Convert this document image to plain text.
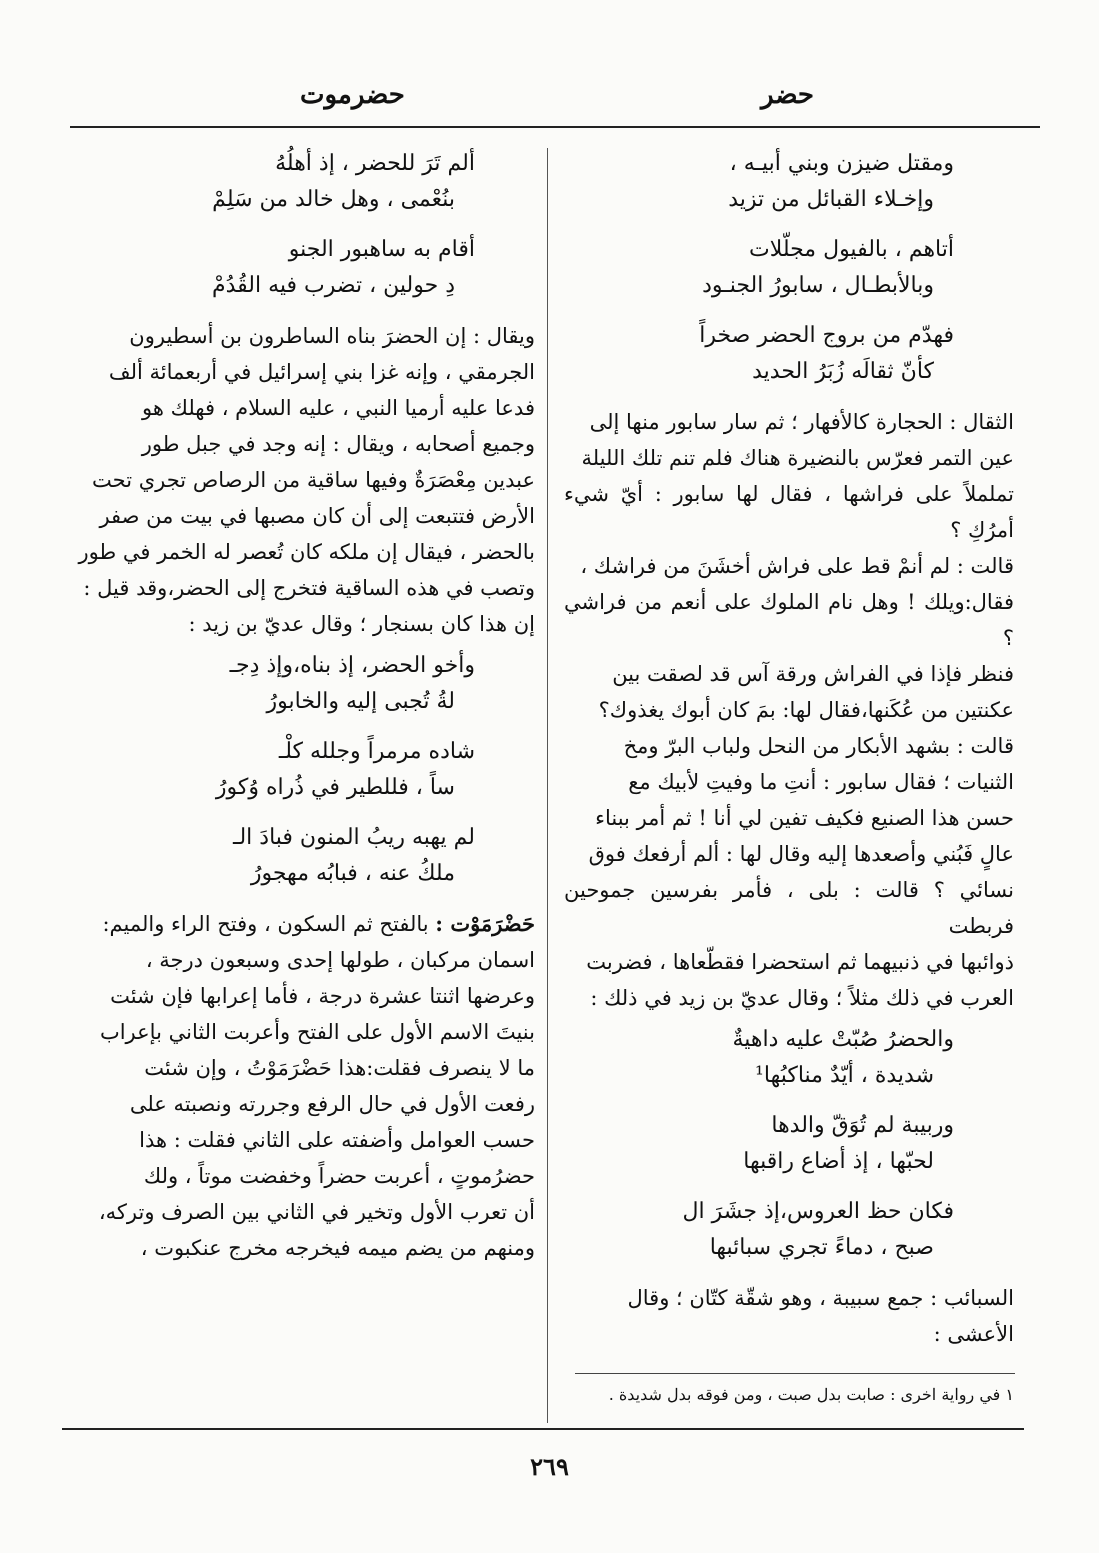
حضر
حضرموت
ومقتل ضيزن وبني أبيـه ،
وإخـلاء القبائل من تزيد
أتاهم ، بالفيول مجلّلات
وبالأبطـال ، سابورُ الجنـود
فهدّم من بروج الحضر صخراً
كأنّ ثقالَه زُبَرُ الحديد

الثقال : الحجارة كالأفهار ؛ ثم سار سابور منها إلى

عين التمر فعرّس بالنضيرة هناك فلم تنم تلك الليلة

تململاً على فراشها ، فقال لها سابور : أيّ شيء أمرُكِ ؟

قالت : لم أنمْ قط على فراش أخشَنَ من فراشك ،

فقال:ويلك ! وهل نام الملوك على أنعم من فراشي ؟

فنظر فإذا في الفراش ورقة آس قد لصقت بين

عكنتين من عُكَنها،فقال لها: بمَ كان أبوك يغذوك؟

قالت : بشهد الأبكار من النحل ولباب البرّ ومخ

الثنيات ؛ فقال سابور : أنتِ ما وفيتِ لأبيك مع

حسن هذا الصنيع فكيف تفين لي أنا ! ثم أمر ببناء

عالٍ فَبُني وأصعدها إليه وقال لها : ألم أرفعك فوق

نسائي ؟ قالت : بلى ، فأمر بفرسين جموحين فربطت

ذوائبها في ذنبيهما ثم استحضرا فقطّعاها ، فضربت

العرب في ذلك مثلاً ؛ وقال عديّ بن زيد في ذلك :

والحضرُ صُبّتْ عليه داهيةٌ
شديدة ، أيّدٌ مناكبُها¹
وربيبة لم تُوَقّ والدها
لحبّها ، إذ أضاع راقبها
فكان حظ العروس،إذ جشَرَ ال
صبح ، دماءً تجري سبائبها

السبائب : جمع سبيبة ، وهو شقّة كتّان ؛ وقال

الأعشى :

١ في رواية اخرى : صابت بدل صبت ، ومن فوقه بدل شديدة .
ألم تَرَ للحضر ، إذ أهلُهُ
بنُعْمى ، وهل خالد من سَلِمْ
أقام به ساهبور الجنو
دِ حولين ، تضرب فيه القُدُمْ

ويقال : إن الحضرَ بناه الساطرون بن أسطيرون

الجرمقي ، وإنه غزا بني إسرائيل في أربعمائة ألف

فدعا عليه أرميا النبي ، عليه السلام ، فهلك هو

وجميع أصحابه ، ويقال : إنه وجد في جبل طور

عبدين مِعْصَرَةٌ وفيها ساقية من الرصاص تجري تحت

الأرض فتتبعت إلى أن كان مصبها في بيت من صفر

بالحضر ، فيقال إن ملكه كان تُعصر له الخمر في طور

وتصب في هذه الساقية فتخرج إلى الحضر،وقد قيل :

إن هذا كان بسنجار ؛ وقال عديّ بن زيد :

وأخو الحضر، إذ بناه،وإذ دِجـ
لةُ تُجبى إليه والخابورُ
شاده مرمراً وجلله كلْـ
ساً ، فللطير في ذُراه وُكورُ
لم يهبه ريبُ المنون فبادَ الـ
ملكُ عنه ، فبابُه مهجورُ

حَضْرَمَوْت : بالفتح ثم السكون ، وفتح الراء والميم:

اسمان مركبان ، طولها إحدى وسبعون درجة ،

وعرضها اثنتا عشرة درجة ، فأما إعرابها فإن شئت

بنيتَ الاسم الأول على الفتح وأعربت الثاني بإعراب

ما لا ينصرف فقلت:هذا حَضْرَمَوْتُ ، وإن شئت

رفعت الأول في حال الرفع وجررته ونصبته على

حسب العوامل وأضفته على الثاني فقلت : هذا

حضرُموتٍ ، أعربت حضراً وخفضت موتاً ، ولك

أن تعرب الأول وتخير في الثاني بين الصرف وتركه،

ومنهم من يضم ميمه فيخرجه مخرج عنكبوت ،

٢٦٩
